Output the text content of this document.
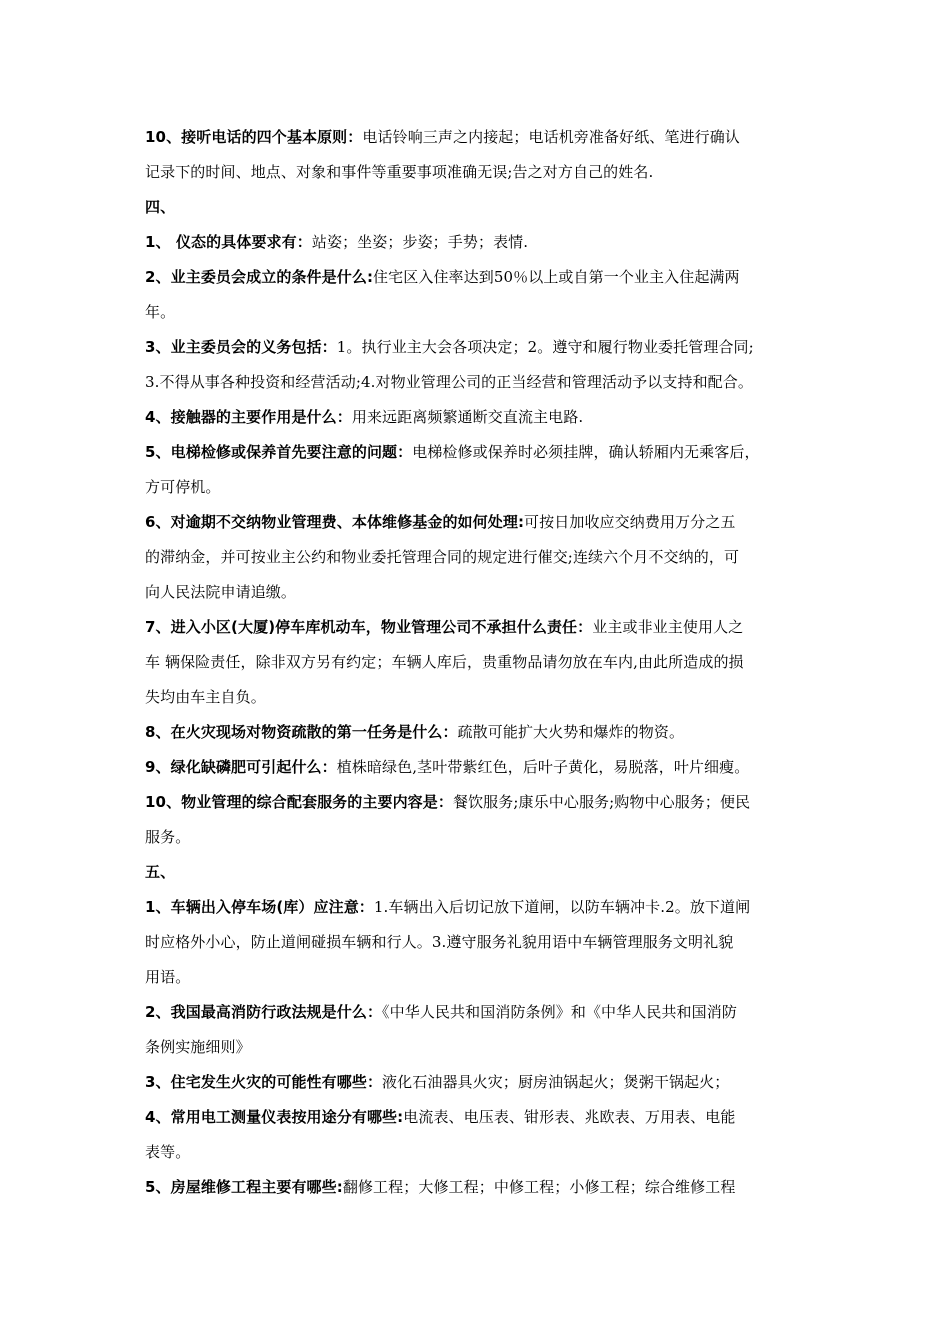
10、接听电话的四个基本原则：电话铃响三声之内接起；电话机旁准备好纸、笔进行确认
记录下的时间、地点、对象和事件等重要事项准确无误;告之对方自己的姓名.
四、
1、 仪态的具体要求有：站姿；坐姿；步姿；手势；表情.
2、业主委员会成立的条件是什么:住宅区入住率达到50％以上或自第一个业主入住起满两
年。
3、业主委员会的义务包括：1。执行业主大会各项决定；2。遵守和履行物业委托管理合同;
3.不得从事各种投资和经营活动;4.对物业管理公司的正当经营和管理活动予以支持和配合。
4、接触器的主要作用是什么：用来远距离频繁通断交直流主电路.
5、电梯检修或保养首先要注意的问题：电梯检修或保养时必须挂牌，确认轿厢内无乘客后，
方可停机。
6、对逾期不交纳物业管理费、本体维修基金的如何处理:可按日加收应交纳费用万分之五
的滞纳金，并可按业主公约和物业委托管理合同的规定进行催交;连续六个月不交纳的，可
向人民法院申请追缴。
7、进入小区(大厦)停车库机动车，物业管理公司不承担什么责任：业主或非业主使用人之
车 辆保险责任，除非双方另有约定；车辆人库后，贵重物品请勿放在车内,由此所造成的损
失均由车主自负。
8、在火灾现场对物资疏散的第一任务是什么：疏散可能扩大火势和爆炸的物资。
9、绿化缺磷肥可引起什么：植株暗绿色,茎叶带紫红色，后叶子黄化，易脱落，叶片细瘦。
10、物业管理的综合配套服务的主要内容是：餐饮服务;康乐中心服务;购物中心服务；便民
服务。
五、
1、车辆出入停车场(库）应注意：1.车辆出入后切记放下道闸，以防车辆冲卡.2。放下道闸
时应格外小心，防止道闸碰损车辆和行人。3.遵守服务礼貌用语中车辆管理服务文明礼貌
用语。
2、我国最高消防行政法规是什么：《中华人民共和国消防条例》和《中华人民共和国消防
条例实施细则》
3、住宅发生火灾的可能性有哪些：液化石油器具火灾；厨房油锅起火；煲粥干锅起火；
4、常用电工测量仪表按用途分有哪些:电流表、电压表、钳形表、兆欧表、万用表、电能
表等。
5、房屋维修工程主要有哪些:翻修工程；大修工程；中修工程；小修工程；综合维修工程
